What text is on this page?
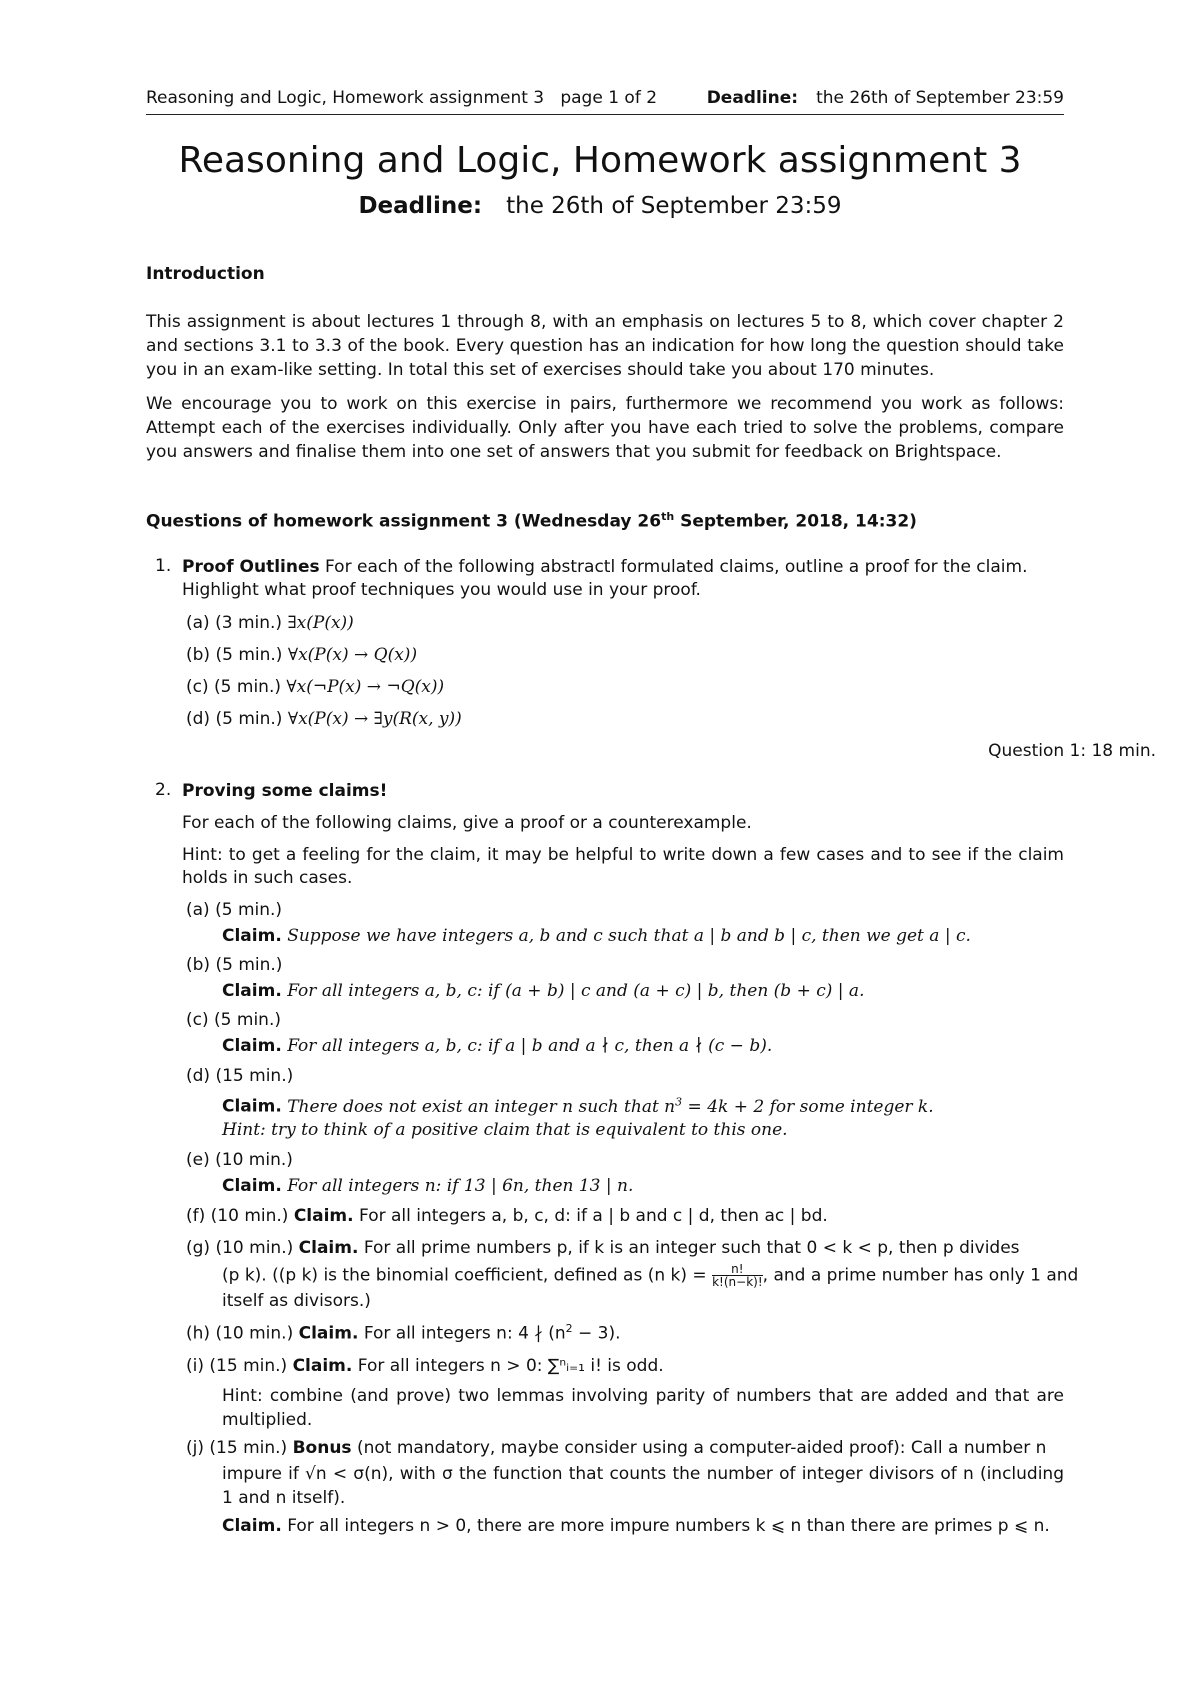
Reasoning and Logic, Homework assignment 3   page 1 of 2	Deadline: the 26th of September 23:59
Reasoning and Logic, Homework assignment 3
Deadline: the 26th of September 23:59
Introduction
This assignment is about lectures 1 through 8, with an emphasis on lectures 5 to 8, which cover chapter 2 and sections 3.1 to 3.3 of the book. Every question has an indication for how long the question should take you in an exam-like setting. In total this set of exercises should take you about 170 minutes.
We encourage you to work on this exercise in pairs, furthermore we recommend you work as follows: Attempt each of the exercises individually. Only after you have each tried to solve the problems, compare you answers and finalise them into one set of answers that you submit for feedback on Brightspace.
Questions of homework assignment 3 (Wednesday 26th September, 2018, 14:32)
1. Proof Outlines For each of the following abstractl formulated claims, outline a proof for the claim. Highlight what proof techniques you would use in your proof.
(a) (3 min.) ∃x(P(x))
(b) (5 min.) ∀x(P(x) → Q(x))
(c) (5 min.) ∀x(¬P(x) → ¬Q(x))
(d) (5 min.) ∀x(P(x) → ∃y(R(x, y))
Question 1: 18 min.
2. Proving some claims!
For each of the following claims, give a proof or a counterexample.
Hint: to get a feeling for the claim, it may be helpful to write down a few cases and to see if the claim holds in such cases.
(a) (5 min.)
Claim. Suppose we have integers a, b and c such that a | b and b | c, then we get a | c.
(b) (5 min.)
Claim. For all integers a, b, c: if (a + b) | c and (a + c) | b, then (b + c) | a.
(c) (5 min.)
Claim. For all integers a, b, c: if a | b and a ∤ c, then a ∤ (c − b).
(d) (15 min.)
Claim. There does not exist an integer n such that $n^3 = 4k + 2$ for some integer k.
Hint: try to think of a positive claim that is equivalent to this one.
(e) (10 min.)
Claim. For all integers n: if 13 | 6n, then 13 | n.
(f) (10 min.) Claim. For all integers a, b, c, d: if a | b and c | d, then ac | bd.
(g) (10 min.) Claim. For all prime numbers p, if k is an integer such that 0 < k < p, then p divides
(p k). ((p k) is the binomial coefficient, defined as (n $k) = \frac{n!}{k!(n-k)!}$ , and a prime number has only 1 and
itself as divisors.)
(h) (10 min.) Claim. For all integers n: 4 ∤ $(n^2 - 3)$.
(i) (15 min.) Claim. For all integers n > 0: ∑ⁿᵢ₌₁ i! is odd.
Hint: combine (and prove) two lemmas involving parity of numbers that are added and that are multiplied.
(j) (15 min.) Bonus (not mandatory, maybe consider using a computer-aided proof): Call a number n
impure if √n < σ(n), with σ the function that counts the number of integer divisors of n (including 1 and n itself).
Claim. For all integers n > 0, there are more impure numbers k ⩽ n than there are primes p ⩽ n.
